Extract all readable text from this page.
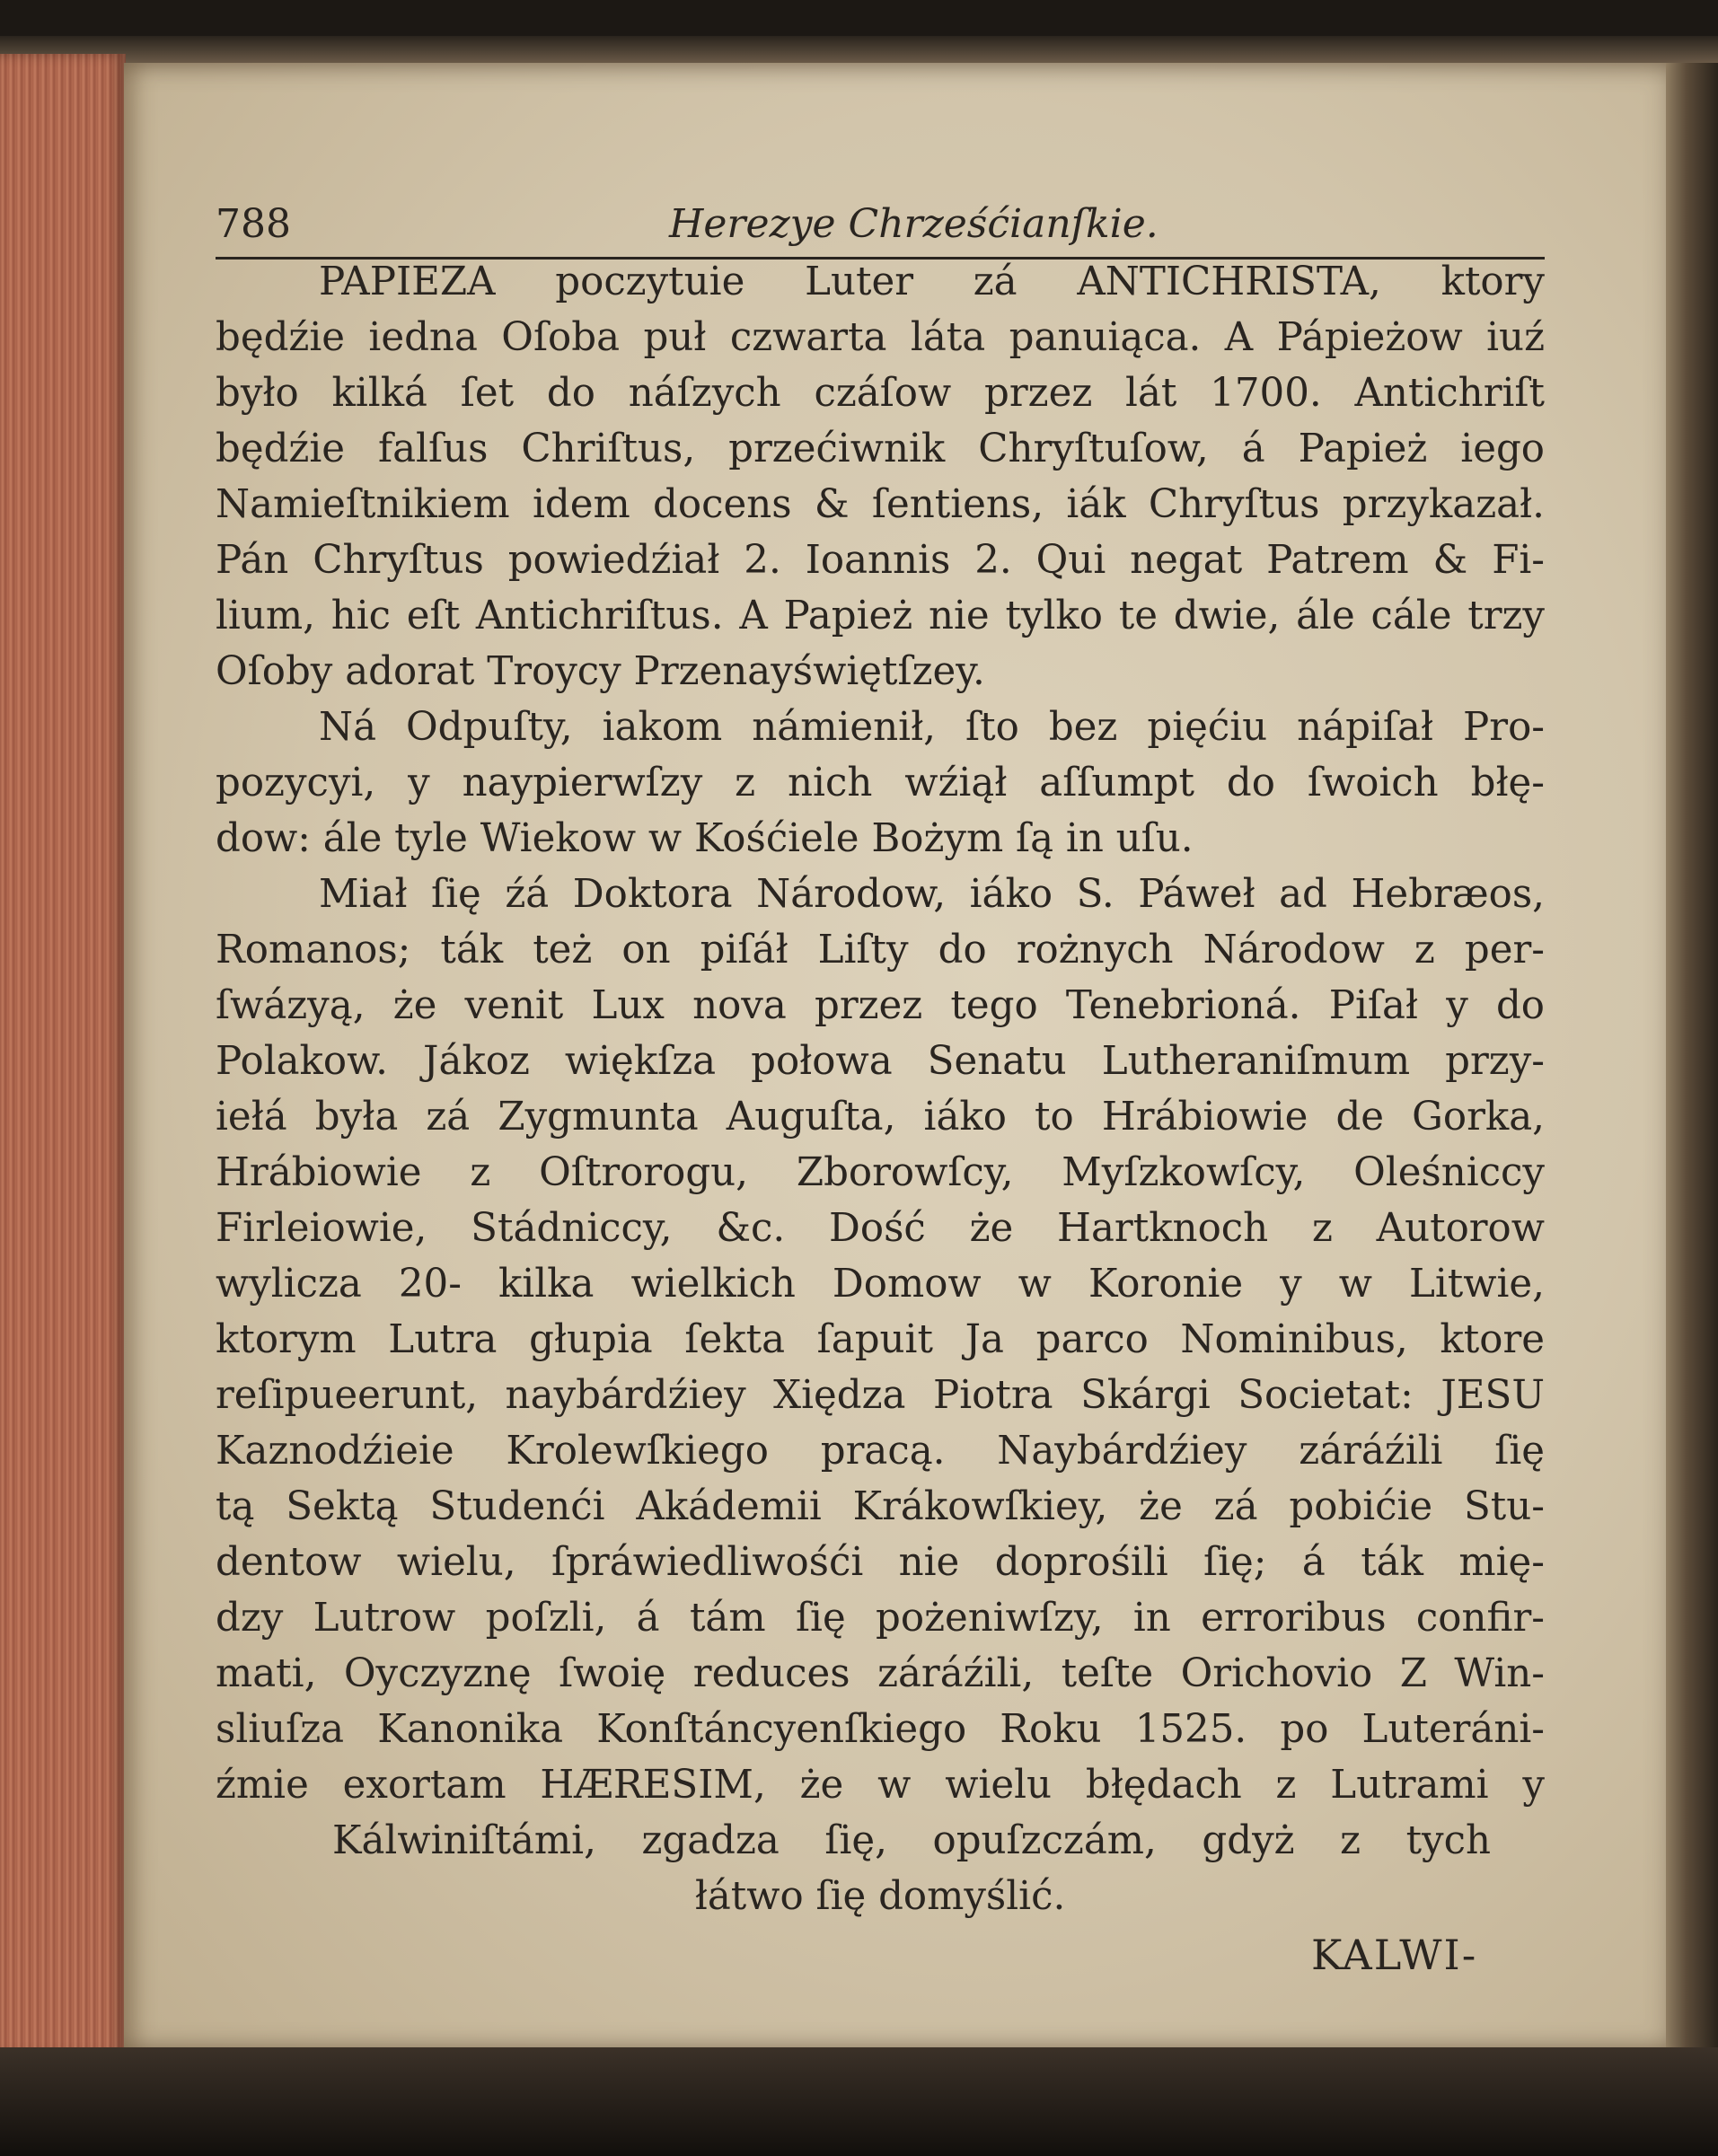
788	Herezye Chrześćianſkie.
PAPIEZA poczytuie Luter zá ANTICHRISTA, ktory
będźie iedna Oſoba puł czwarta láta panuiąca. A Pápieżow iuź
było kilká ſet do náſzych czáſow przez lát 1700. Antichriſt
będźie falſus Chriſtus, przećiwnik Chryſtuſow, á Papież iego
Namieſtnikiem idem docens & ſentiens, iák Chryſtus przykazał.
Pán Chryſtus powiedźiał 2. Ioannis 2. Qui negat Patrem & Fi-
lium, hic eſt Antichriſtus. A Papież nie tylko te dwie, ále cále trzy
Oſoby adorat Troycy Przenayświętſzey.
Ná Odpuſty, iakom námienił, ſto bez pięćiu nápiſał Pro-
pozycyi, y naypierwſzy z nich wźiął aſſumpt do ſwoich błę-
dow: ále tyle Wiekow w Kośćiele Bożym ſą in uſu.
Miał ſię źá Doktora Národow, iáko S. Páweł ad Hebræos,
Romanos; ták też on piſáł Liſty do rożnych Národow z per-
ſwázyą, że venit Lux nova przez tego Tenebrioná. Piſał y do
Polakow. Jákoz więkſza połowa Senatu Lutheraniſmum przy-
iełá była zá Zygmunta Auguſta, iáko to Hrábiowie de Gorka,
Hrábiowie z Oſtrorogu, Zborowſcy, Myſzkowſcy, Oleśniccy
Firleiowie, Stádniccy, &c. Dość że Hartknoch z Autorow
wylicza 20- kilka wielkich Domow w Koronie y w Litwie,
ktorym Lutra głupia ſekta ſapuit Ja parco Nominibus, ktore
reſipueerunt, naybárdźiey Xiędza Piotra Skárgi Societat: JESU
Kaznodźieie Krolewſkiego pracą. Naybárdźiey záráźili ſię
tą Sektą Studenći Akádemii Krákowſkiey, że zá pobićie Stu-
dentow wielu, ſpráwiedliwośći nie doprośili ſię; á ták mię-
dzy Lutrow poſzli, á tám ſię pożeniwſzy, in erroribus confir-
mati, Oyczyznę ſwoię reduces záráźili, teſte Orichovio Z Win-
sliuſza Kanonika Konſtáncyenſkiego Roku 1525. po Luteráni-
źmie exortam HÆRESIM, że w wielu błędach z Lutrami y
Kálwiniſtámi, zgadza ſię, opuſzczám, gdyż z tych
łátwo ſię domyślić.
KALWI-
